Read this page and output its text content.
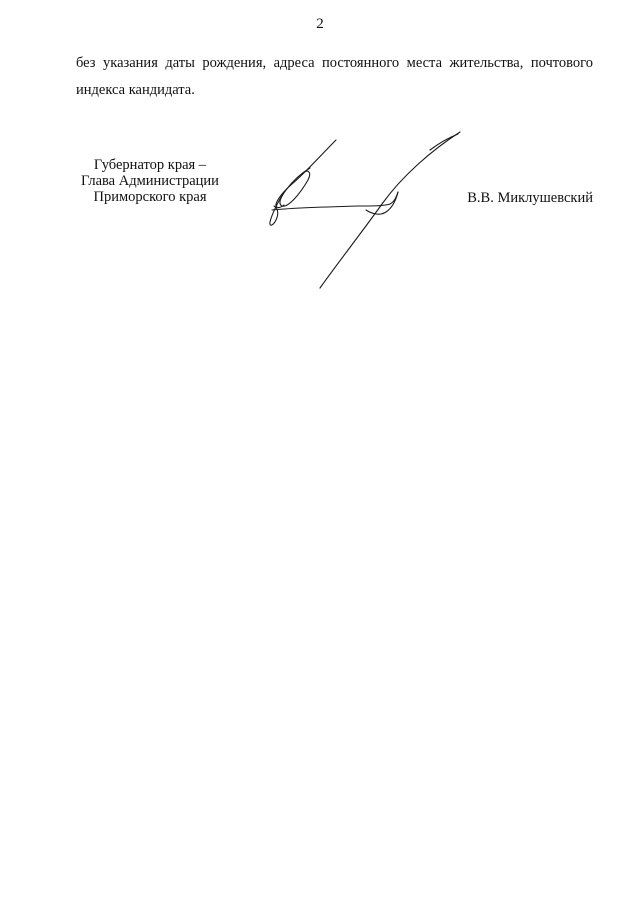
2
без указания даты рождения, адреса постоянного места жительства, почтового
индекса кандидата.
Губернатор края –
Глава Администрации
Приморского края	В.В. Миклушевский
